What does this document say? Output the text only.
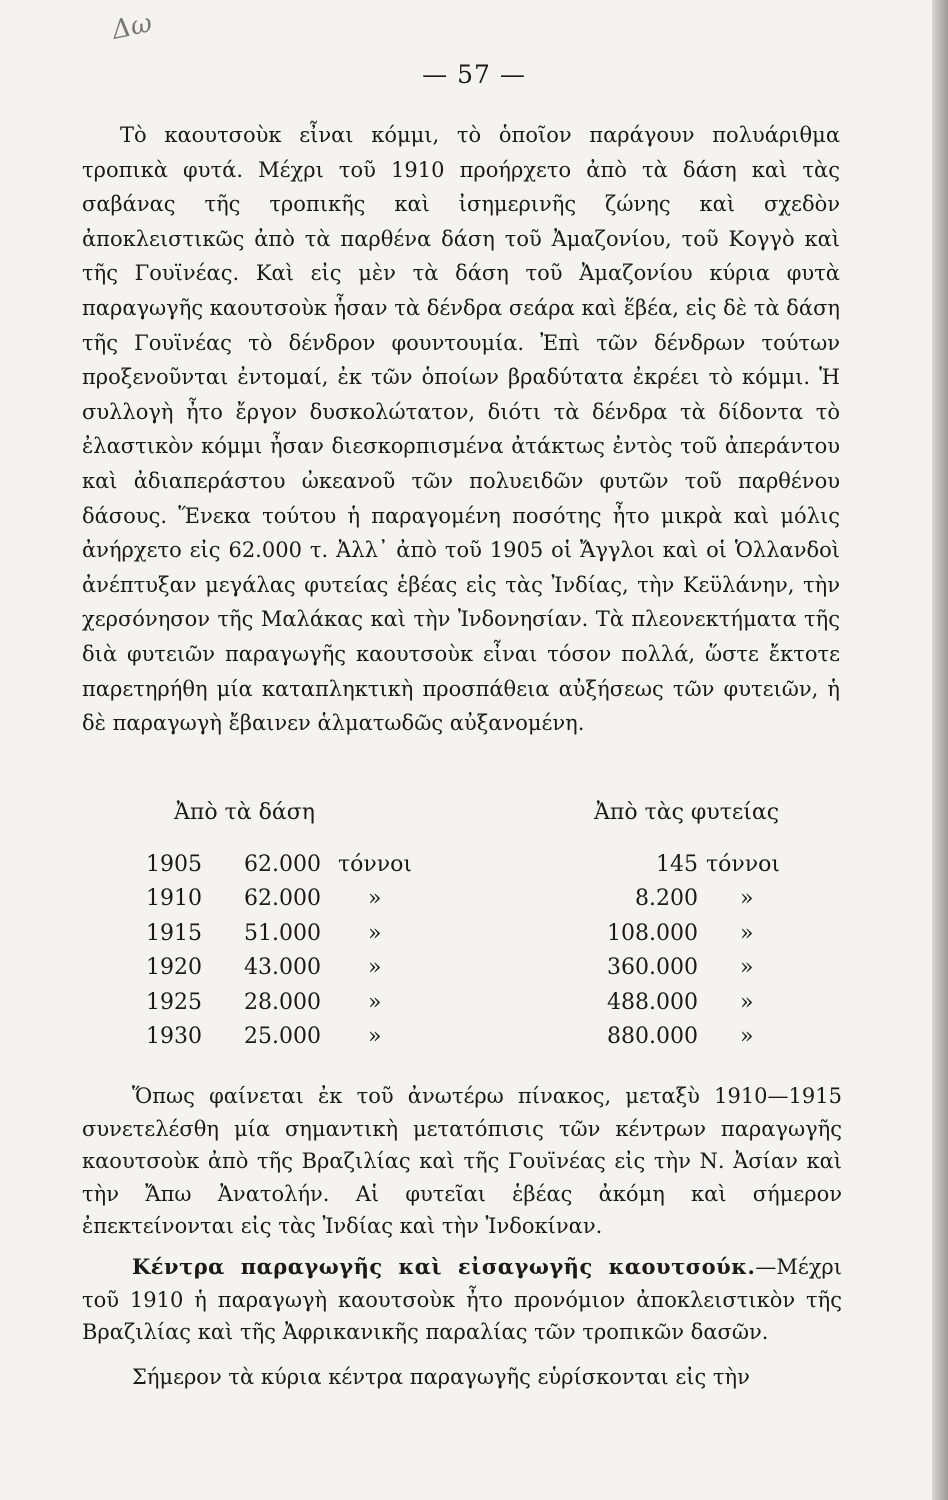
Δω
— 57 —

Τὸ καουτσοὺκ εἶναι κόμμι, τὸ ὁποῖον παράγουν πολυάριθμα τροπικὰ φυτά. Μέχρι τοῦ 1910 προήρχετο ἀπὸ τὰ δάση καὶ τὰς σαβάνας τῆς τροπικῆς καὶ ἰσημερινῆς ζώνης καὶ σχεδὸν ἀποκλειστικῶς ἀπὸ τὰ παρθένα δάση τοῦ Ἀμαζονίου, τοῦ Κογγὸ καὶ τῆς Γουϊνέας. Καὶ εἰς μὲν τὰ δάση τοῦ Ἀμαζονίου κύρια φυτὰ παραγωγῆς καουτσοὺκ ἦσαν τὰ δένδρα σεάρα καὶ ἕβέα, εἰς δὲ τὰ δάση τῆς Γουϊνέας τὸ δένδρον φουντουμία. Ἐπὶ τῶν δένδρων τούτων προξενοῦνται ἐντομαί, ἐκ τῶν ὁποίων βραδύτατα ἐκρέει τὸ κόμμι. Ἡ συλλογὴ ἦτο ἔργον δυσκολώτατον, διότι τὰ δένδρα τὰ δίδοντα τὸ ἐλαστικὸν κόμμι ἦσαν διεσκορπισμένα ἀτάκτως ἐντὸς τοῦ ἀπεράντου καὶ ἀδιαπεράστου ὠκεανοῦ τῶν πολυειδῶν φυτῶν τοῦ παρθένου δάσους. Ἕνεκα τούτου ἡ παραγομένη ποσότης ἦτο μικρὰ καὶ μόλις ἀνήρχετο εἰς 62.000 τ. Ἀλλ᾽ ἀπὸ τοῦ 1905 οἱ Ἄγγλοι καὶ οἱ Ὁλλανδοὶ ἀνέπτυξαν μεγάλας φυτείας ἑβέας εἰς τὰς Ἰνδίας, τὴν Κεϋλάνην, τὴν χερσόνησον τῆς Μαλάκας καὶ τὴν Ἰνδονησίαν. Τὰ πλεονεκτήματα τῆς διὰ φυτειῶν παραγωγῆς καουτσοὺκ εἶναι τόσον πολλά, ὥστε ἔκτοτε παρετηρήθη μία καταπληκτικὴ προσπάθεια αὐξήσεως τῶν φυτειῶν, ἡ δὲ παραγωγὴ ἔβαινεν ἁλματωδῶς αὐξανομένη.

Ἀπὸ τὰ δάση	Ἀπὸ τὰς φυτείας
1905 62.000 τόννοι	145 τόννοι
1910 62.000 »	8.200 »
1915 51.000 »	108.000 »
1920 43.000 »	360.000 »
1925 28.000 »	488.000 »
1930 25.000 »	880.000 »

Ὅπως φαίνεται ἐκ τοῦ ἀνωτέρω πίνακος, μεταξὺ 1910—1915 συνετελέσθη μία σημαντικὴ μετατόπισις τῶν κέντρων παραγωγῆς καουτσοὺκ ἀπὸ τῆς Βραζιλίας καὶ τῆς Γουϊνέας εἰς τὴν Ν. Ἀσίαν καὶ τὴν Ἄπω Ἀνατολήν. Αἱ φυτεῖαι ἑβέας ἀκόμη καὶ σήμερον ἐπεκτείνονται εἰς τὰς Ἰνδίας καὶ τὴν Ἰνδοκίναν.

Κέντρα παραγωγῆς καὶ εἰσαγωγῆς καουτσούκ.—Μέχρι τοῦ 1910 ἡ παραγωγὴ καουτσοὺκ ἦτο προνόμιον ἀποκλειστικὸν τῆς Βραζιλίας καὶ τῆς Ἀφρικανικῆς παραλίας τῶν τροπικῶν δασῶν.

Σήμερον τὰ κύρια κέντρα παραγωγῆς εὑρίσκονται εἰς τὴν
